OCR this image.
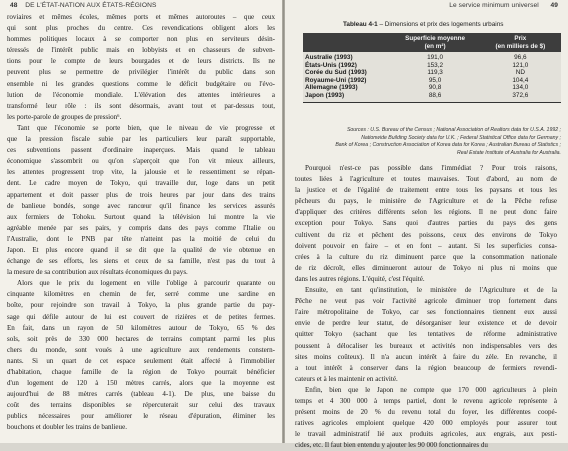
48 DE L'ÉTAT-NATION AUX ÉTATS-RÉGIONS
roviaires et mêmes écoles, mêmes ports et mêmes autoroutes – que ceux
qui sont plus proches du centre. Ces revendications obligent alors les
hommes politiques locaux à se comporter non plus en serviteurs désin-
téressés de l'intérêt public mais en lobbyists et en chasseurs de subven-
tions pour le compte de leurs bourgades et de leurs districts. Ils ne
peuvent plus se permettre de privilégier l'intérêt du public dans son
ensemble ni les grandes questions comme le déficit budgétaire ou l'évo-
lution de l'économie mondiale. L'élévation des attentes intérieures a
transformé leur rôle : ils sont désormais, avant tout et par-dessus tout,
les porte-parole de groupes de pression⁶.
Tant que l'économie se porte bien, que le niveau de vie progresse et
que la pression fiscale subie par les particuliers leur paraît supportable,
ces subventions passent d'ordinaire inaperçues. Mais quand le tableau
économique s'assombrit ou qu'on s'aperçoit que l'on vit mieux ailleurs,
les attentes progressent trop vite, la jalousie et le ressentiment se répan-
dent. Le cadre moyen de Tokyo, qui travaille dur, loge dans un petit
appartement et doit passer plus de trois heures par jour dans des trains
de banlieue bondés, songe avec rancœur qu'il finance les services assurés
aux fermiers de Tohoku. Surtout quand la télévision lui montre la vie
agréable menée par ses pairs, y compris dans des pays comme l'Italie ou
l'Australie, dont le PNB par tête n'atteint pas la moitié de celui du
Japon. Et plus encore quand il se dit que la qualité de vie obtenue en
échange de ses efforts, les siens et ceux de sa famille, n'est pas du tout à
la mesure de sa contribution aux résultats économiques du pays.
Alors que le prix du logement en ville l'oblige à parcourir quarante ou
cinquante kilomètres en chemin de fer, serré comme une sardine en
boîte, pour rejoindre son travail à Tokyo, la plus grande partie du pay-
sage qui défile autour de lui est couvert de rizières et de petites fermes.
En fait, dans un rayon de 50 kilomètres autour de Tokyo, 65 % des
sols, soit près de 330 000 hectares de terrains comptant parmi les plus
chers du monde, sont voués à une agriculture aux rendements constern-
nants. Si un quart de cet espace seulement était affecté à l'immobilier
d'habitation, chaque famille de la région de Tokyo pourrait bénéficier
d'un logement de 120 à 150 mètres carrés, alors que la moyenne est
aujourd'hui de 88 mètres carrés (tableau 4-1). De plus, une baisse du
coût des terrains disponibles se répercuterait sur celui des travaux
publics nécessaires pour améliorer le réseau d'épuration, éliminer les
bouchons et doubler les trains de banlieue.
Le service minimum universel 49
Tableau 4-1 – Dimensions et prix des logements urbains
	Superficie moyenne
(en m²)	Prix
(en milliers de $)
Australie (1993)	191,0	96,6
États-Unis (1992)	153,2	121,0
Corée du Sud (1993)	119,3	ND
Royaume-Uni (1992)	95,0	104,4
Allemagne (1993)	90,8	134,0
Japon (1993)	88,6	372,6
Sources : U.S. Bureau of the Census ; National Association of Realtors data for U.S.A. 1992 ;
Nationwide Building Society data for U.K. ; Federal Statistical Office data for Germany ;
Bank of Korea ; Construction Association of Korea data for Korea ; Australian Bureau of Statistics ;
Real Estate Institute of Australia for Australia.
Pourquoi n'est-ce pas possible dans l'immédiat ? Pour trois raisons,
toutes liées à l'agriculture et toutes mauvaises. Tout d'abord, au nom de
la justice et de l'égalité de traitement entre tous les paysans et tous les
pêcheurs du pays, le ministère de l'Agriculture et de la Pêche refuse
d'appliquer des critères différents selon les régions. Il ne peut donc faire
exception pour Tokyo. Sans quoi d'autres parties du pays des gens
cultivent du riz et pêchent des poissons, ceux des environs de Tokyo
doivent pouvoir en faire – et en font – autant. Si les superficies consa-
crées à la culture du riz diminuent parce que la consommation nationale
de riz décroît, elles diminueront autour de Tokyo ni plus ni moins que
dans les autres régions. L'équité, c'est l'équité.
Ensuite, en tant qu'institution, le ministère de l'Agriculture et de la
Pêche ne veut pas voir l'activité agricole diminuer trop fortement dans
l'aire métropolitaine de Tokyo, car ses fonctionnaires tiennent eux aussi
envie de perdre leur statut, de désorganiser leur existence et de devoir
quitter Tokyo (sachant que les tentatives de réforme administrative
poussent à délocaliser les bureaux et activités non indispensables vers des
sites moins coûteux). Il n'a aucun intérêt à faire du zèle. En revanche, il
a tout intérêt à conserver dans la région beaucoup de fermiers revendi-
cateurs et à les maintenir en activité.
Enfin, bien que le Japon ne compte que 170 000 agriculteurs à plein
temps et 4 300 000 à temps partiel, dont le revenu agricole représente à
présent moins de 20 % du revenu total du foyer, les différentes coopé-
ratives agricoles emploient quelque 420 000 employés pour assurer tout
le travail administratif lié aux produits agricoles, aux engrais, aux pesti-
cides, etc. Il faut bien entendu y ajouter les 90 000 fonctionnaires du
